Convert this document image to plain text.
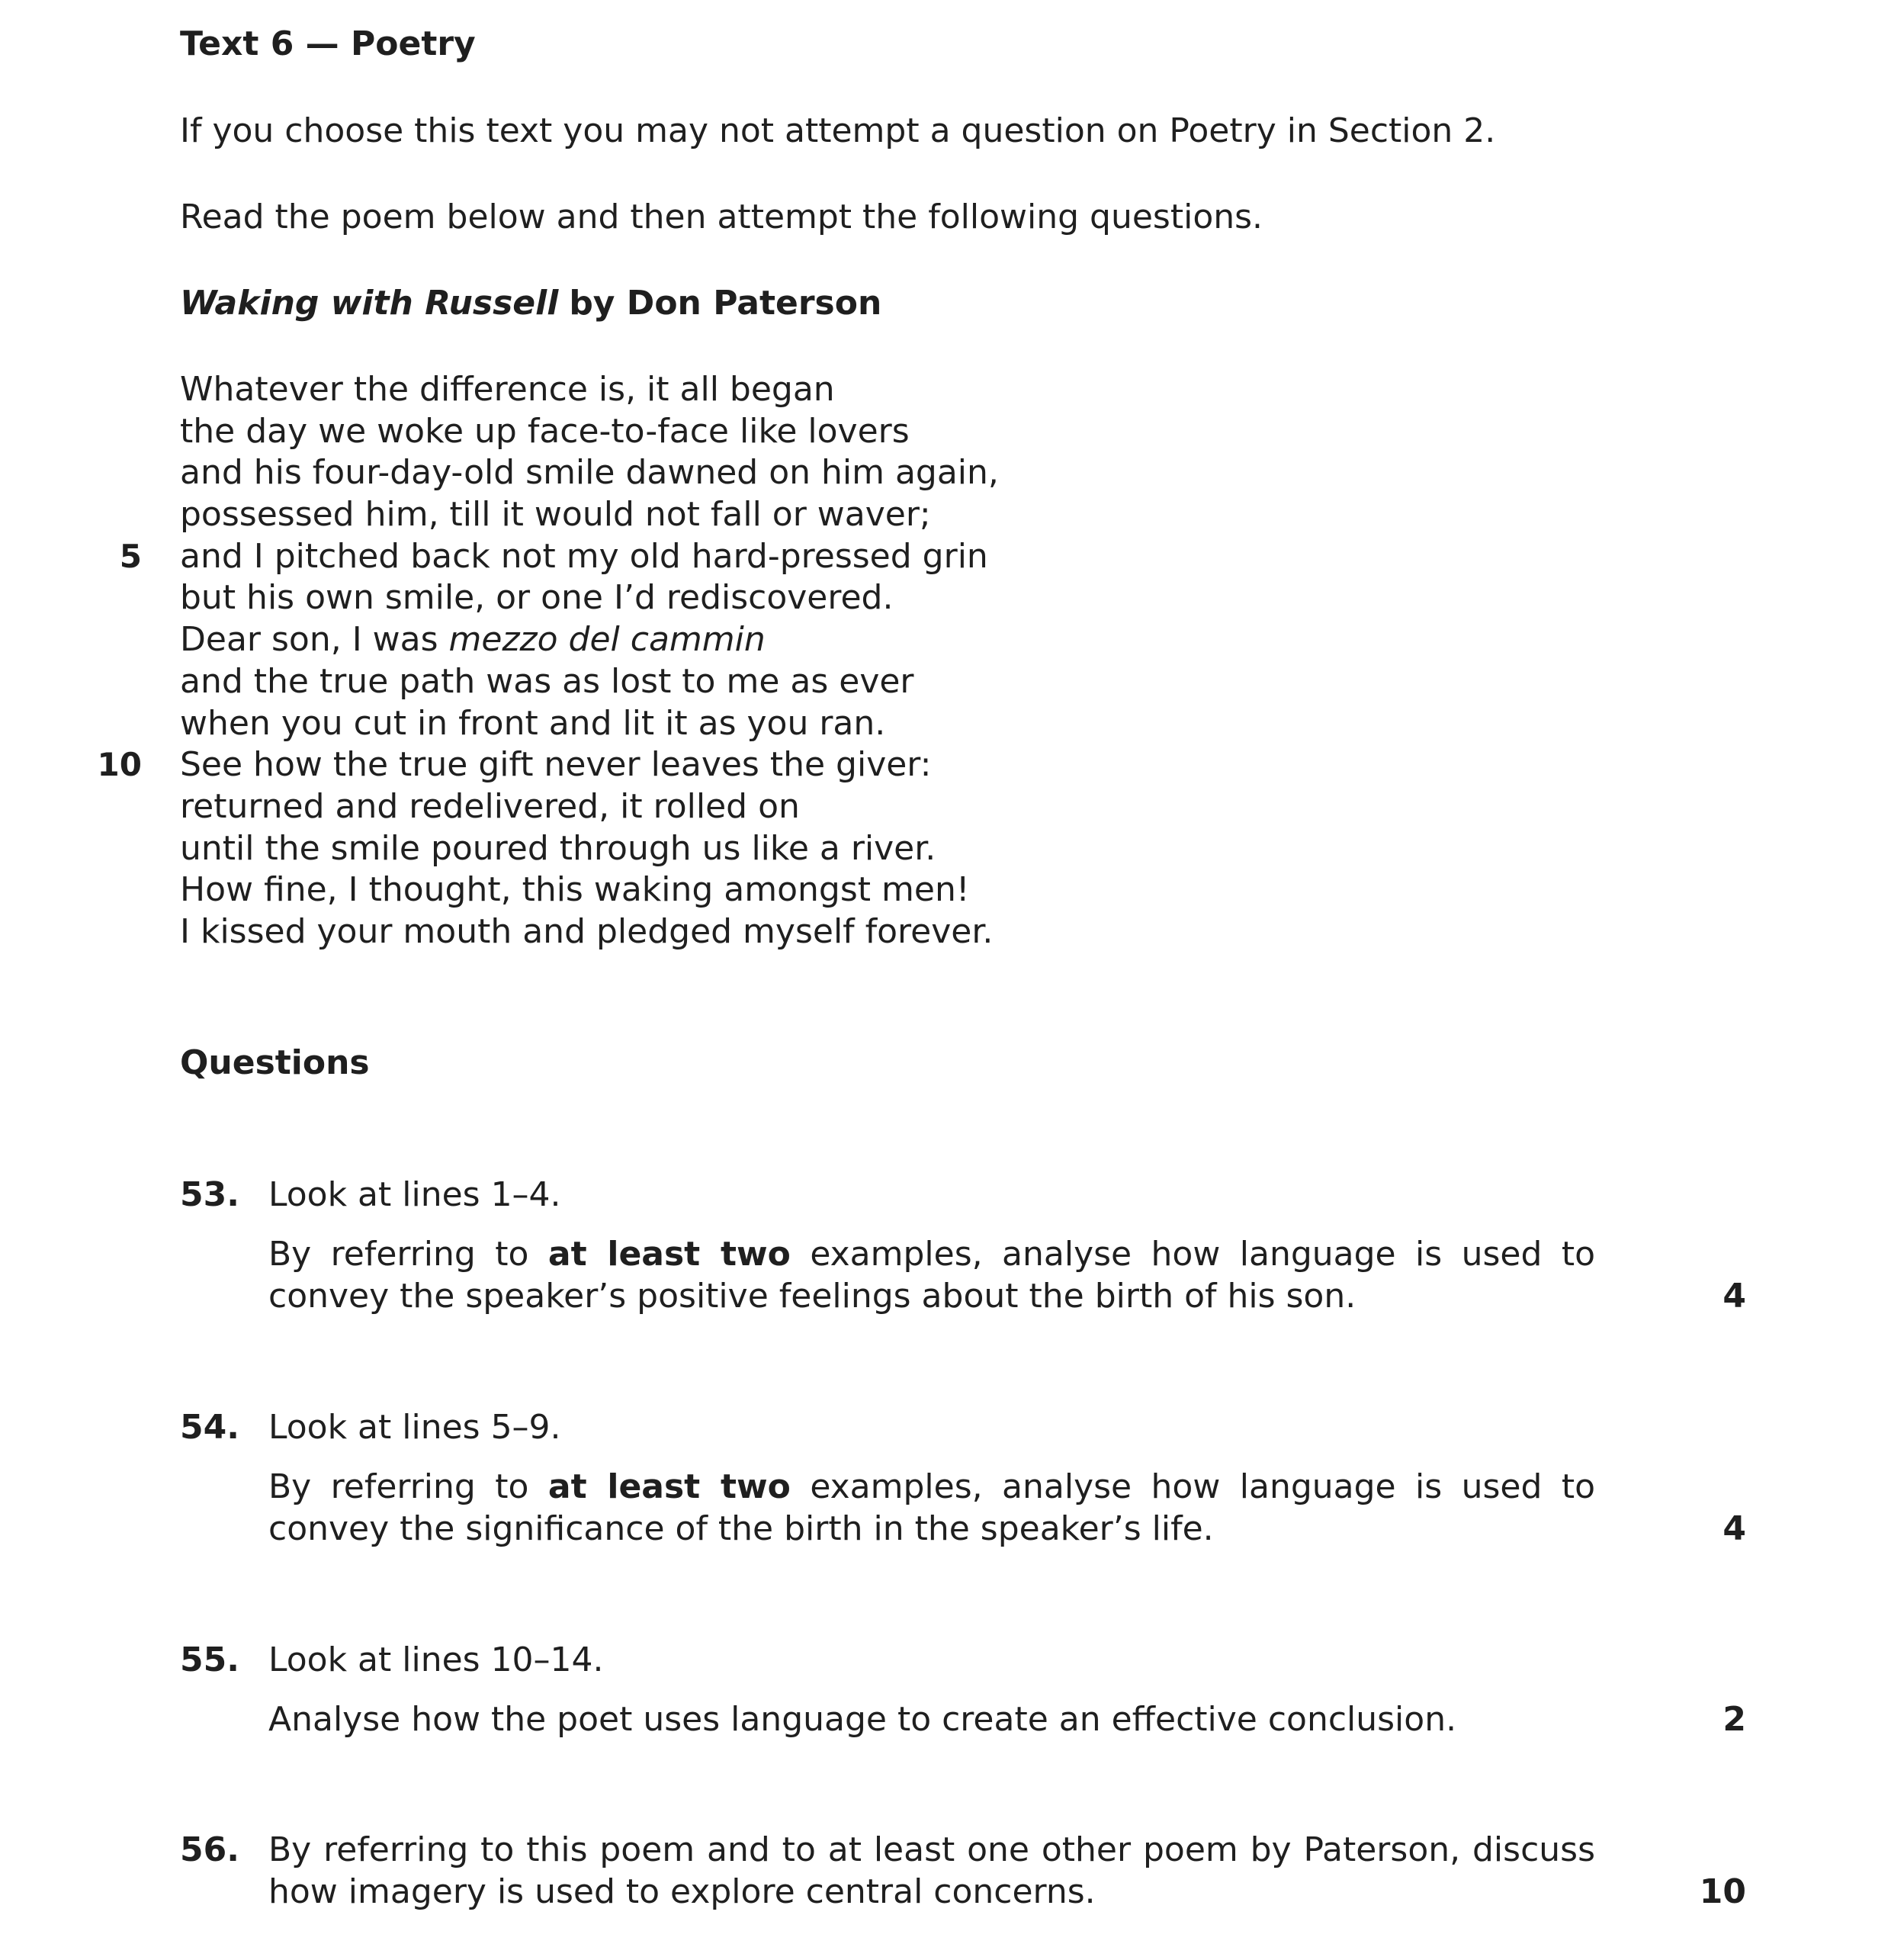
Text 6 — Poetry
If you choose this text you may not attempt a question on Poetry in Section 2.
Read the poem below and then attempt the following questions.
Waking with Russell by Don Paterson
5
10
Whatever the difference is, it all began
the day we woke up face-to-face like lovers
and his four-day-old smile dawned on him again,
possessed him, till it would not fall or waver;
and I pitched back not my old hard-pressed grin
but his own smile, or one I’d rediscovered.
Dear son, I was mezzo del cammin
and the true path was as lost to me as ever
when you cut in front and lit it as you ran.
See how the true gift never leaves the giver:
returned and redelivered, it rolled on
until the smile poured through us like a river.
How fine, I thought, this waking amongst men!
I kissed your mouth and pledged myself forever.
Questions
53. Look at lines 1–4.
By referring to at least two examples, analyse how language is used to convey the speaker’s positive feelings about the birth of his son.	4
54. Look at lines 5–9.
By referring to at least two examples, analyse how language is used to convey the significance of the birth in the speaker’s life.	4
55. Look at lines 10–14.
Analyse how the poet uses language to create an effective conclusion.	2
56. By referring to this poem and to at least one other poem by Paterson, discuss how imagery is used to explore central concerns.	10
